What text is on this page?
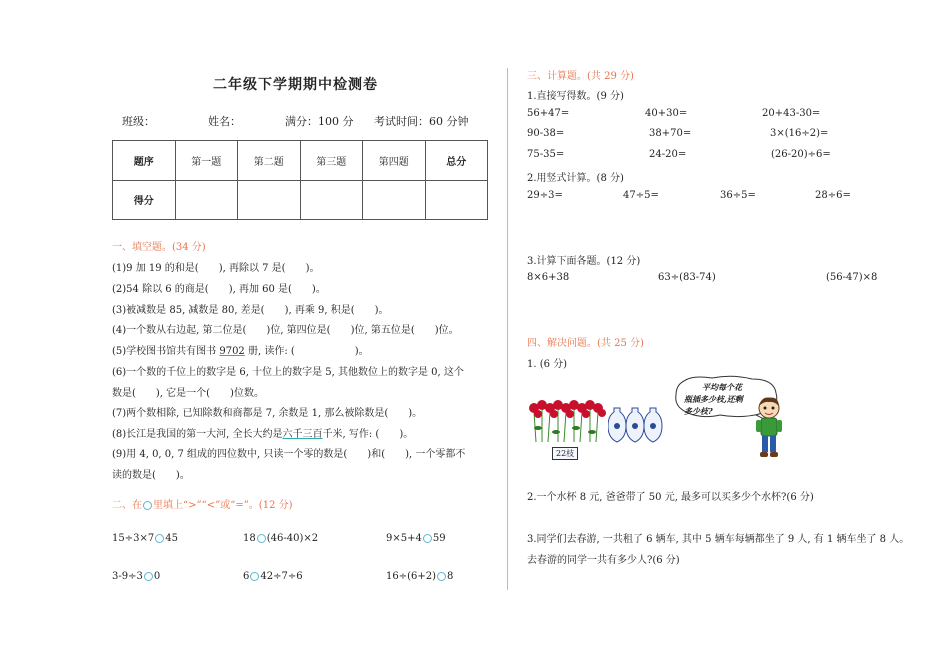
二年级下学期期中检测卷
班级：	姓名：	满分：100 分 考试时间：60 分钟
题序	第一题	第二题	第三题	第四题	总分
得分					
一、填空题。(34 分)
(1)9 加 19 的和是(　　), 再除以 7 是(　　)。
(2)54 除以 6 的商是(　　), 再加 60 是(　　)。
(3)被减数是 85, 减数是 80, 差是(　　), 再乘 9, 积是(　　)。
(4)一个数从右边起, 第二位是(　　)位, 第四位是(　　)位, 第五位是(　　)位。
(5)学校图书馆共有图书 9702 册, 读作: (　　　　　　)。
(6)一个数的千位上的数字是 6, 十位上的数字是 5, 其他数位上的数字是 0, 这个
数是(　　), 它是一个(　　)位数。
(7)两个数相除, 已知除数和商都是 7, 余数是 1, 那么被除数是(　　)。
(8)长江是我国的第一大河, 全长大约是六千三百千米, 写作: (　　)。
(9)用 4, 0, 0, 7 组成的四位数中, 只读一个零的数是(　　)和(　　), 一个零都不
读的数是(　　)。
二、在 里填上“>”“<”或“=”。(12 分)
15÷3×7 45	18 (46-40)×2	9×5+4 59
3-9÷3 0	6 42÷7÷6	16÷(6+2) 8
三、计算题。(共 29 分)
1.直接写得数。(9 分)
56+47=	40+30=	20+43-30=
90-38=	38+70=	3×(16÷2)=
75-35=	24-20=	(26-20)÷6=
2.用竖式计算。(8 分)
29÷3=	47÷5=	36÷5=	28÷6=
3.计算下面各题。(12 分)
8×6+38	63÷(83-74)	(56-47)×8
四、解决问题。(共 25 分)
1. (6 分)
22枝
平均每个花
瓶插多少枝,还剩
多少枝?
2.一个水杯 8 元, 爸爸带了 50 元, 最多可以买多少个水杯?(6 分)
3.同学们去春游, 一共租了 6 辆车, 其中 5 辆车每辆都坐了 9 人, 有 1 辆车坐了 8 人。
去春游的同学一共有多少人?(6 分)
